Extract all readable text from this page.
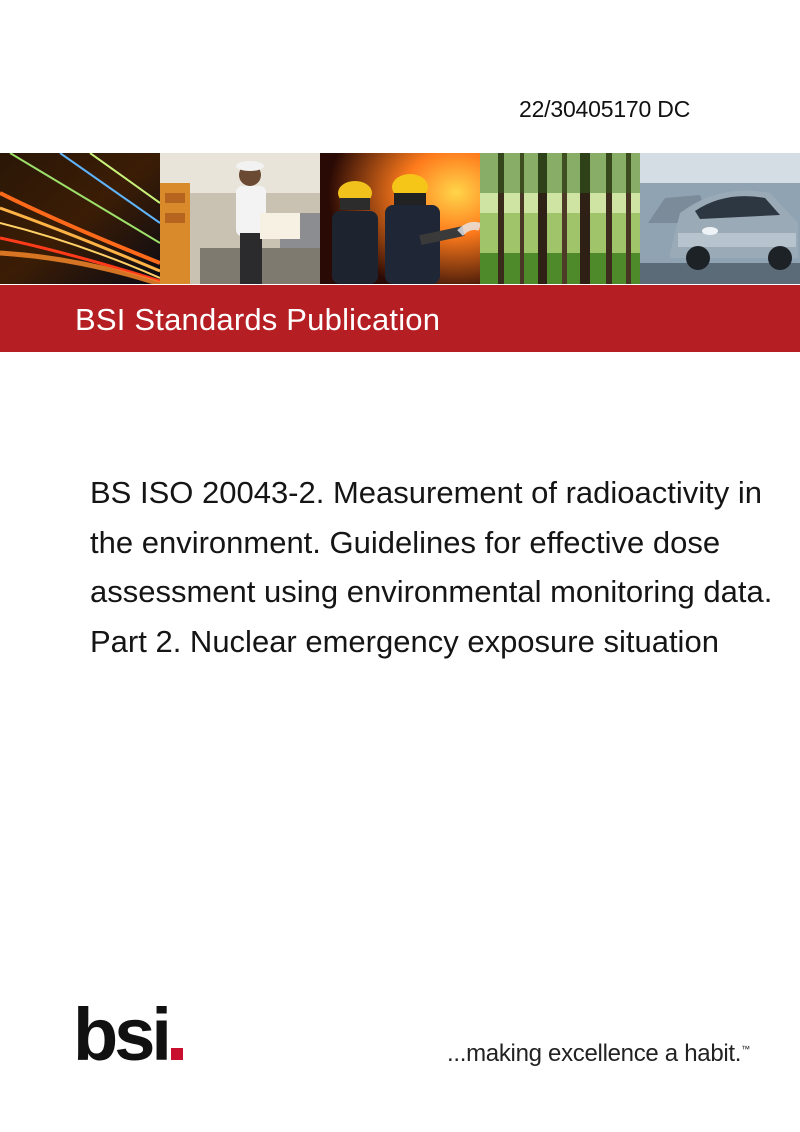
22/30405170 DC
BSI Standards Publication
BS ISO 20043-2. Measurement of radioactivity in
the environment. Guidelines for effective dose
assessment using environmental monitoring data.
Part 2. Nuclear emergency exposure situation
bsi	...making excellence a habit.™
